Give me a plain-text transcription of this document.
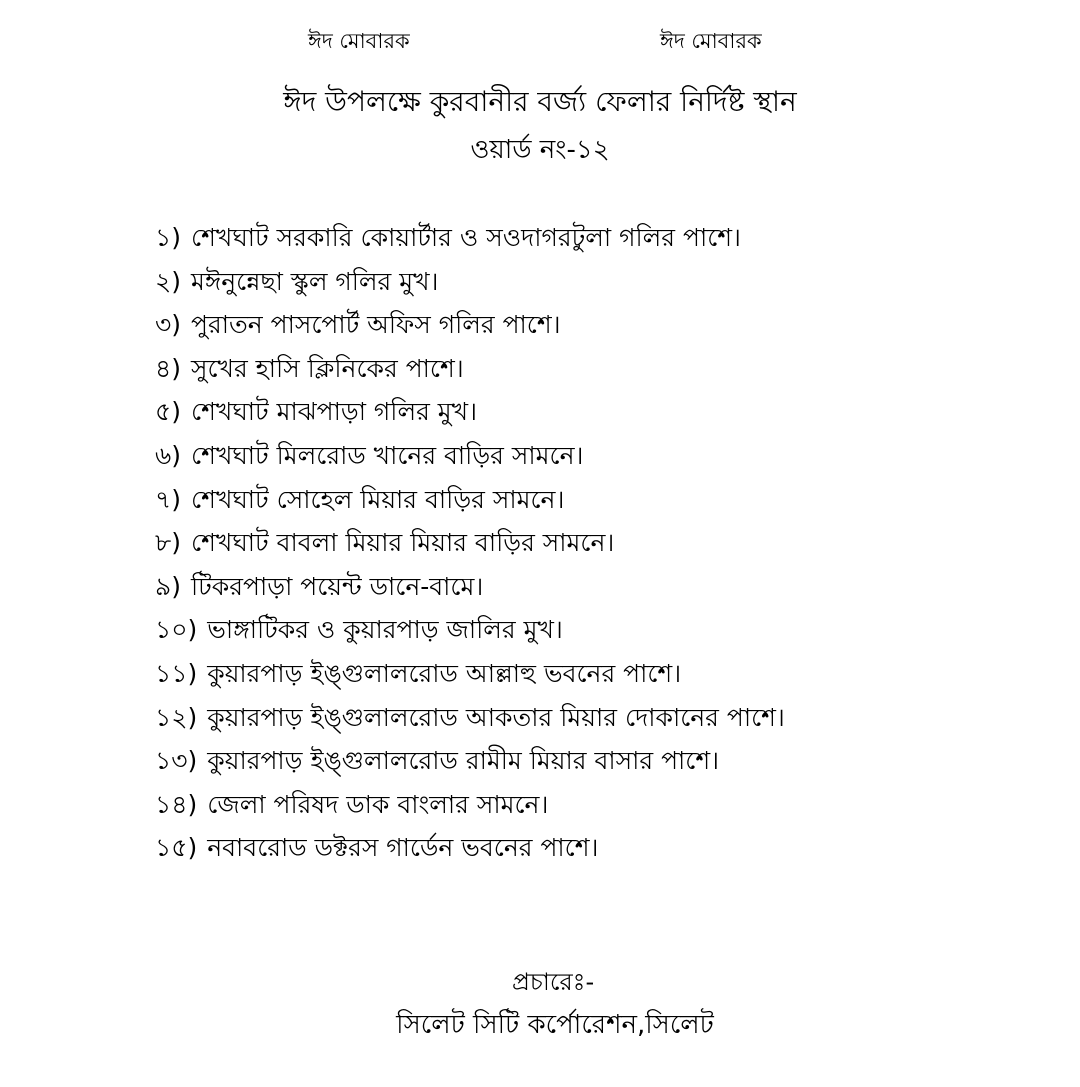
ঈদ মোবারক	ঈদ মোবারক
ঈদ উপলক্ষে কুরবানীর বর্জ্য ফেলার নির্দিষ্ট স্থান
ওয়ার্ড নং-১২
১) শেখঘাট সরকারি কোয়ার্টার ও সওদাগরটুলা গলির পাশে।
২) মঈনুন্নেছা স্কুল গলির মুখ।
৩) পুরাতন পাসপোর্ট অফিস গলির পাশে।
৪) সুখের হাসি ক্লিনিকের পাশে।
৫) শেখঘাট মাঝপাড়া গলির মুখ।
৬) শেখঘাট মিলরোড খানের বাড়ির সামনে।
৭) শেখঘাট সোহেল মিয়ার বাড়ির সামনে।
৮) শেখঘাট বাবলা মিয়ার মিয়ার বাড়ির সামনে।
৯) টিকরপাড়া পয়েন্ট ডানে-বামে।
১০) ভাঙ্গাটিকর ও কুয়ারপাড় জালির মুখ।
১১) কুয়ারপাড় ইঙ্গুলালরোড আল্লাহু ভবনের পাশে।
১২) কুয়ারপাড় ইঙ্গুলালরোড আকতার মিয়ার দোকানের পাশে।
১৩) কুয়ারপাড় ইঙ্গুলালরোড রামীম মিয়ার বাসার পাশে।
১৪) জেলা পরিষদ ডাক বাংলার সামনে।
১৫) নবাবরোড ডক্টরস গার্ডেন ভবনের পাশে।
প্রচারেঃ-
সিলেট সিটি কর্পোরেশন,সিলেট
